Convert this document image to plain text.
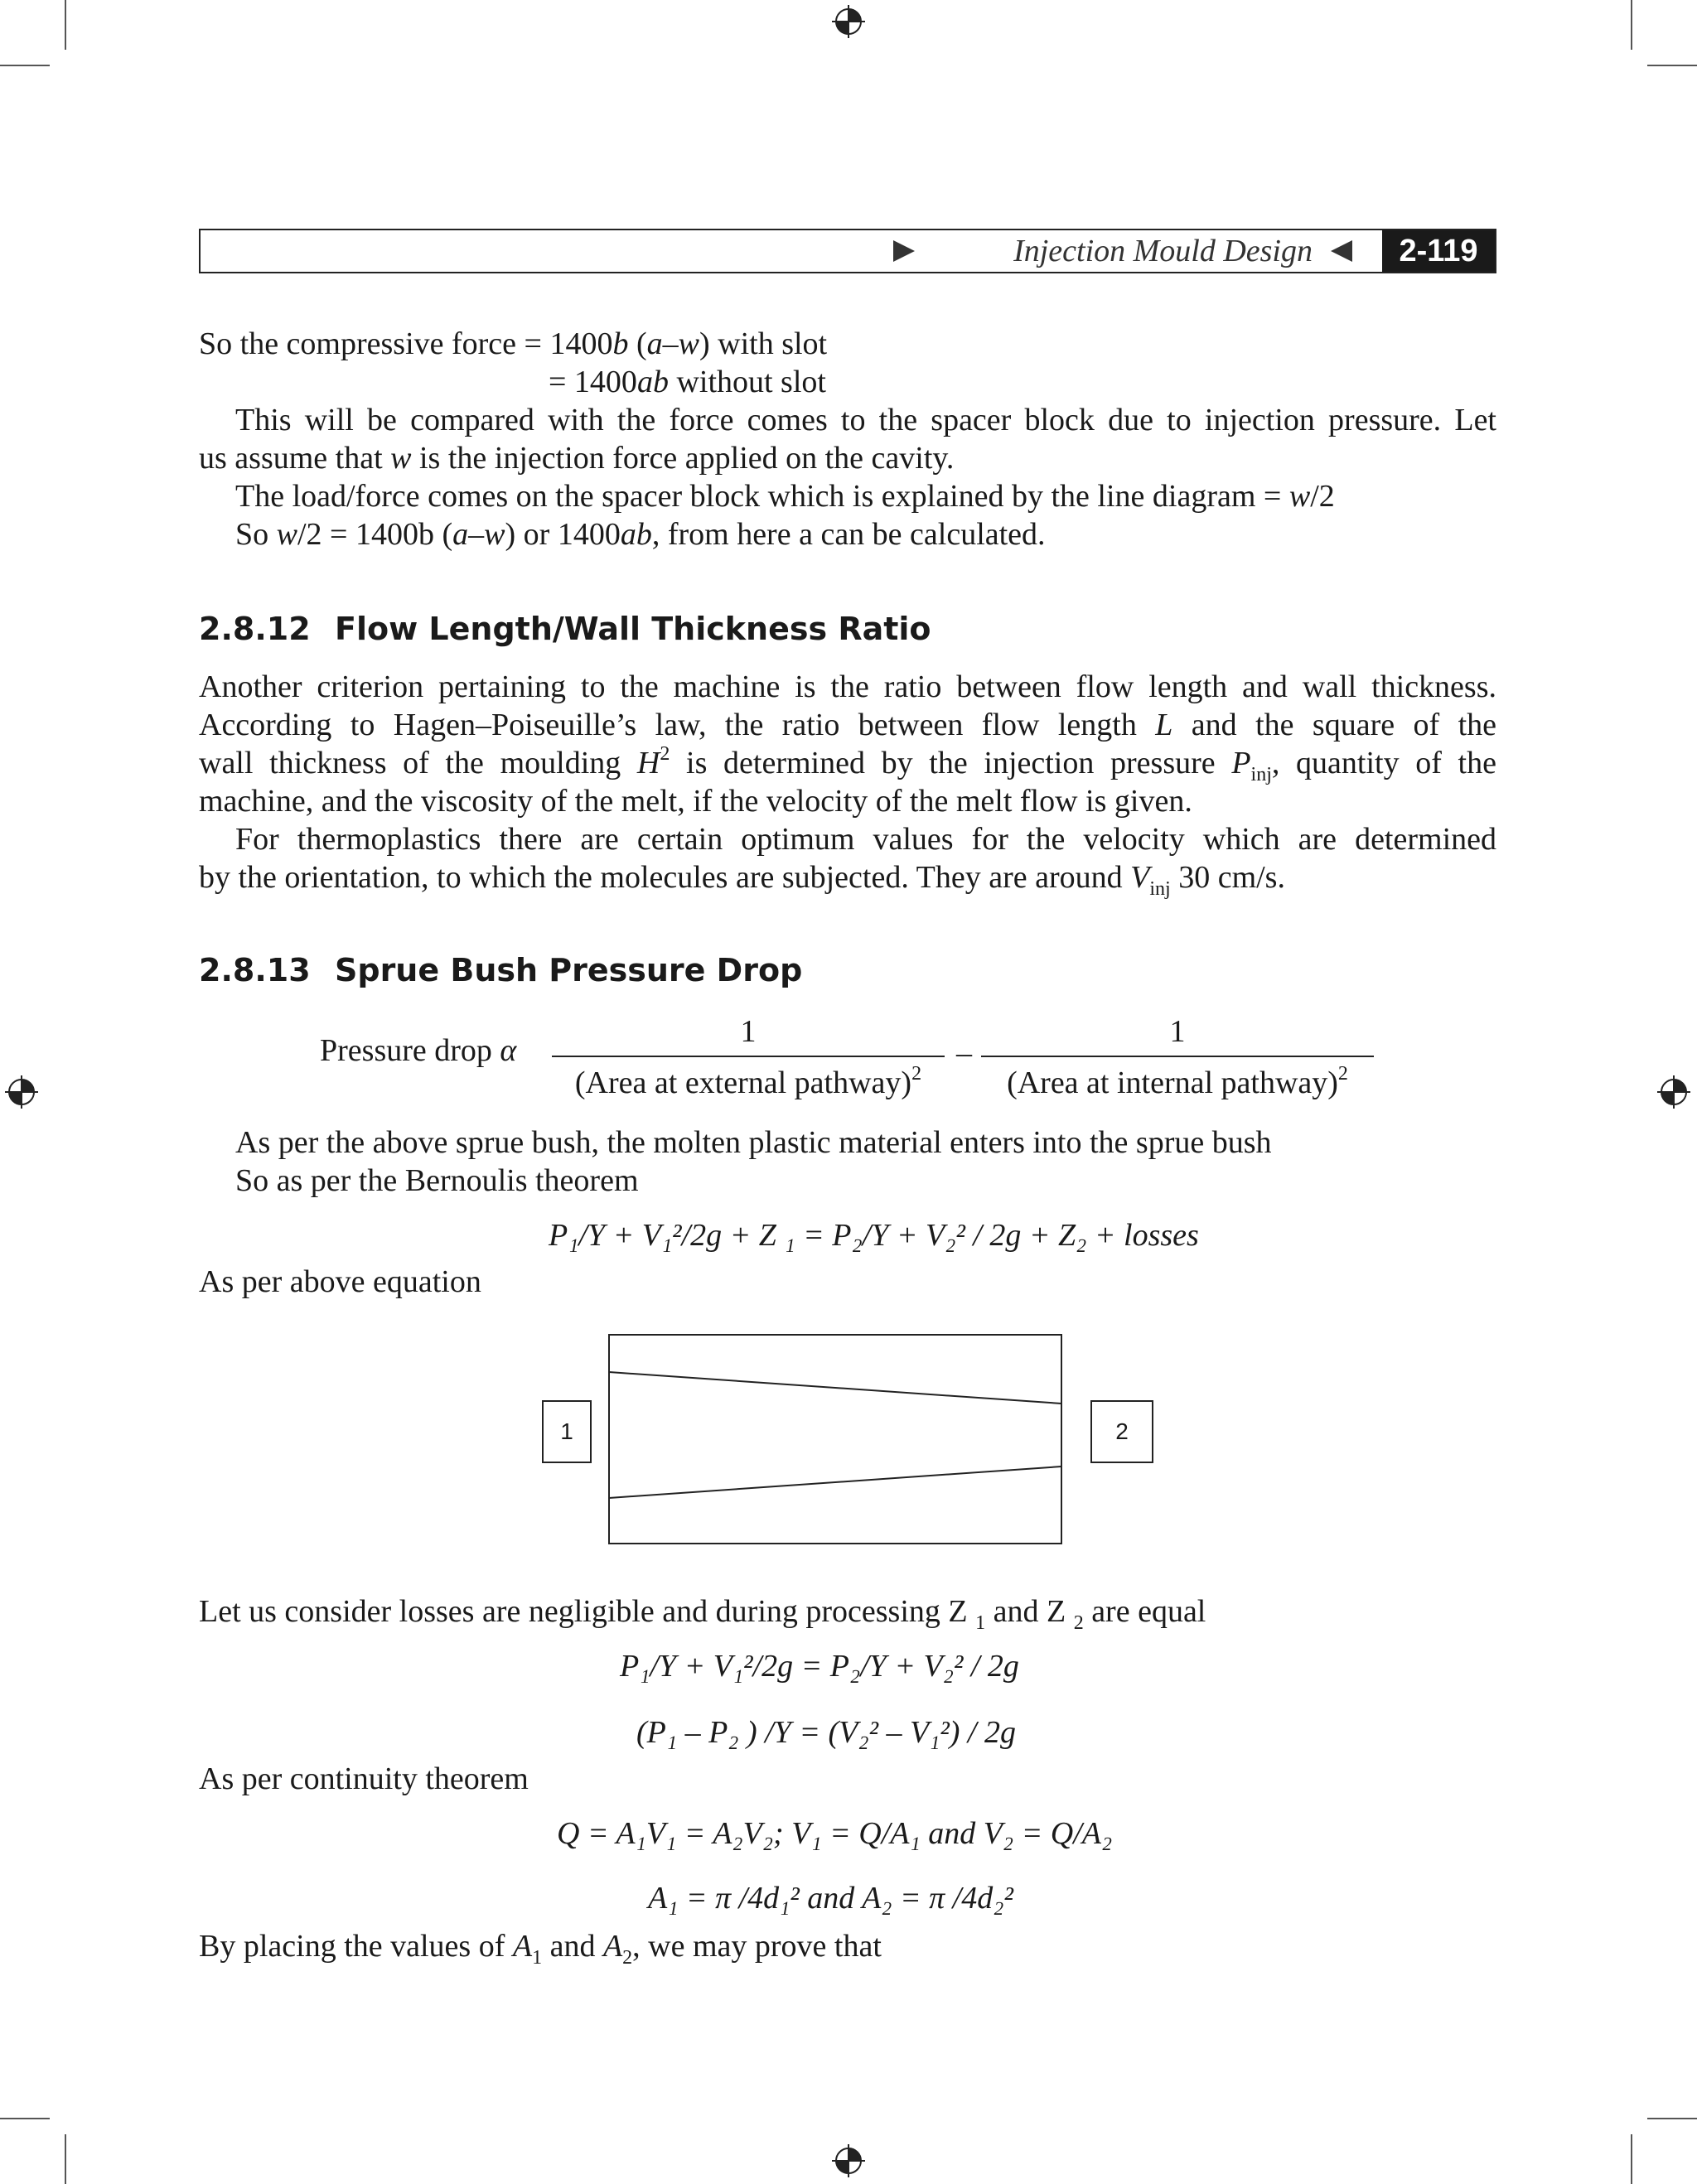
Injection Mould Design	2-119
So the compressive force = 1400b (a–w) with slot
= 1400ab without slot
This will be compared with the force comes to the spacer block due to injection pressure. Let
us assume that w is the injection force applied on the cavity.
The load/force comes on the spacer block which is explained by the line diagram = w/2
So w/2 = 1400b (a–w) or 1400ab, from here a can be calculated.
2.8.12 Flow Length/Wall Thickness Ratio
Another criterion pertaining to the machine is the ratio between flow length and wall thickness.
According to Hagen–Poiseuille’s law, the ratio between flow length L and the square of the
wall thickness of the moulding $H^2$ is determined by the injection pressure $P_{inj}$, quantity of the
machine, and the viscosity of the melt, if the velocity of the melt flow is given.
For thermoplastics there are certain optimum values for the velocity which are determined
by the orientation, to which the molecules are subjected. They are around $V_{inj}$ 30 cm/s.
2.8.13 Sprue Bush Pressure Drop
Pressure drop α
1
(Area at external pathway)$^2$
–
1
(Area at internal pathway)$^2$
As per the above sprue bush, the molten plastic material enters into the sprue bush
So as per the Bernoulis theorem
P₁/Y + V₁²/2g + Z ₁ = P₂/Y + V₂² / 2g + Z₂ + losses
As per above equation
1	2
Let us consider losses are negligible and during processing Z $_1$ and Z $_2$ are equal
P₁/Y + V₁²/2g = P₂/Y + V₂² / 2g
(P₁ – P₂ ) /Y = (V₂² – V₁²) / 2g
As per continuity theorem
Q = A₁V₁ = A₂V₂; V₁ = Q/A₁ and V₂ = Q/A₂
A₁ = π /4d₁² and A₂ = π /4d₂²
By placing the values of $A_1$ and $A_2$, we may prove that
